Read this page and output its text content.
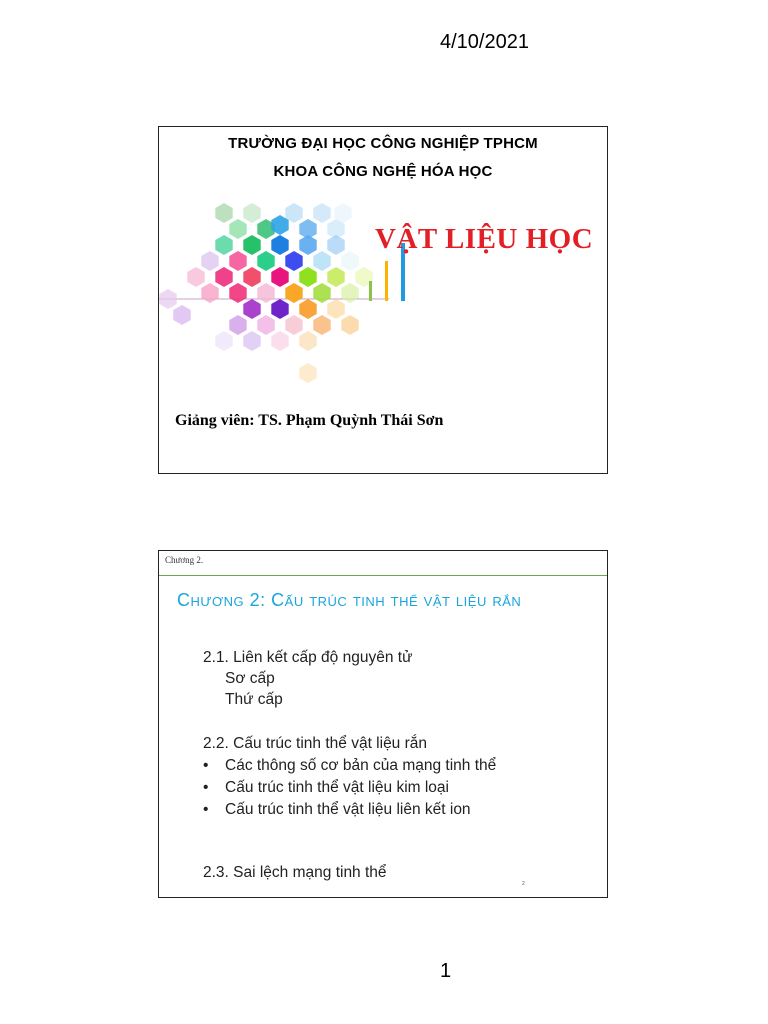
4/10/2021
TRƯỜNG ĐẠI HỌC CÔNG NGHIỆP TPHCM
KHOA CÔNG NGHỆ HÓA HỌC
VẬT LIỆU HỌC
Giảng viên: TS. Phạm Quỳnh Thái Sơn
Chương 2.
Chương 2: Cấu trúc tinh thể vật liệu rắn
2.1. Liên kết cấp độ nguyên tử
Sơ cấp
Thứ cấp
2.2. Cấu trúc tinh thể vật liệu rắn
• Các thông số cơ bản của mạng tinh thể
• Cấu trúc tinh thể vật liệu kim loại
• Cấu trúc tinh thể vật liệu liên kết ion
2.3. Sai lệch mạng tinh thể
2
1
